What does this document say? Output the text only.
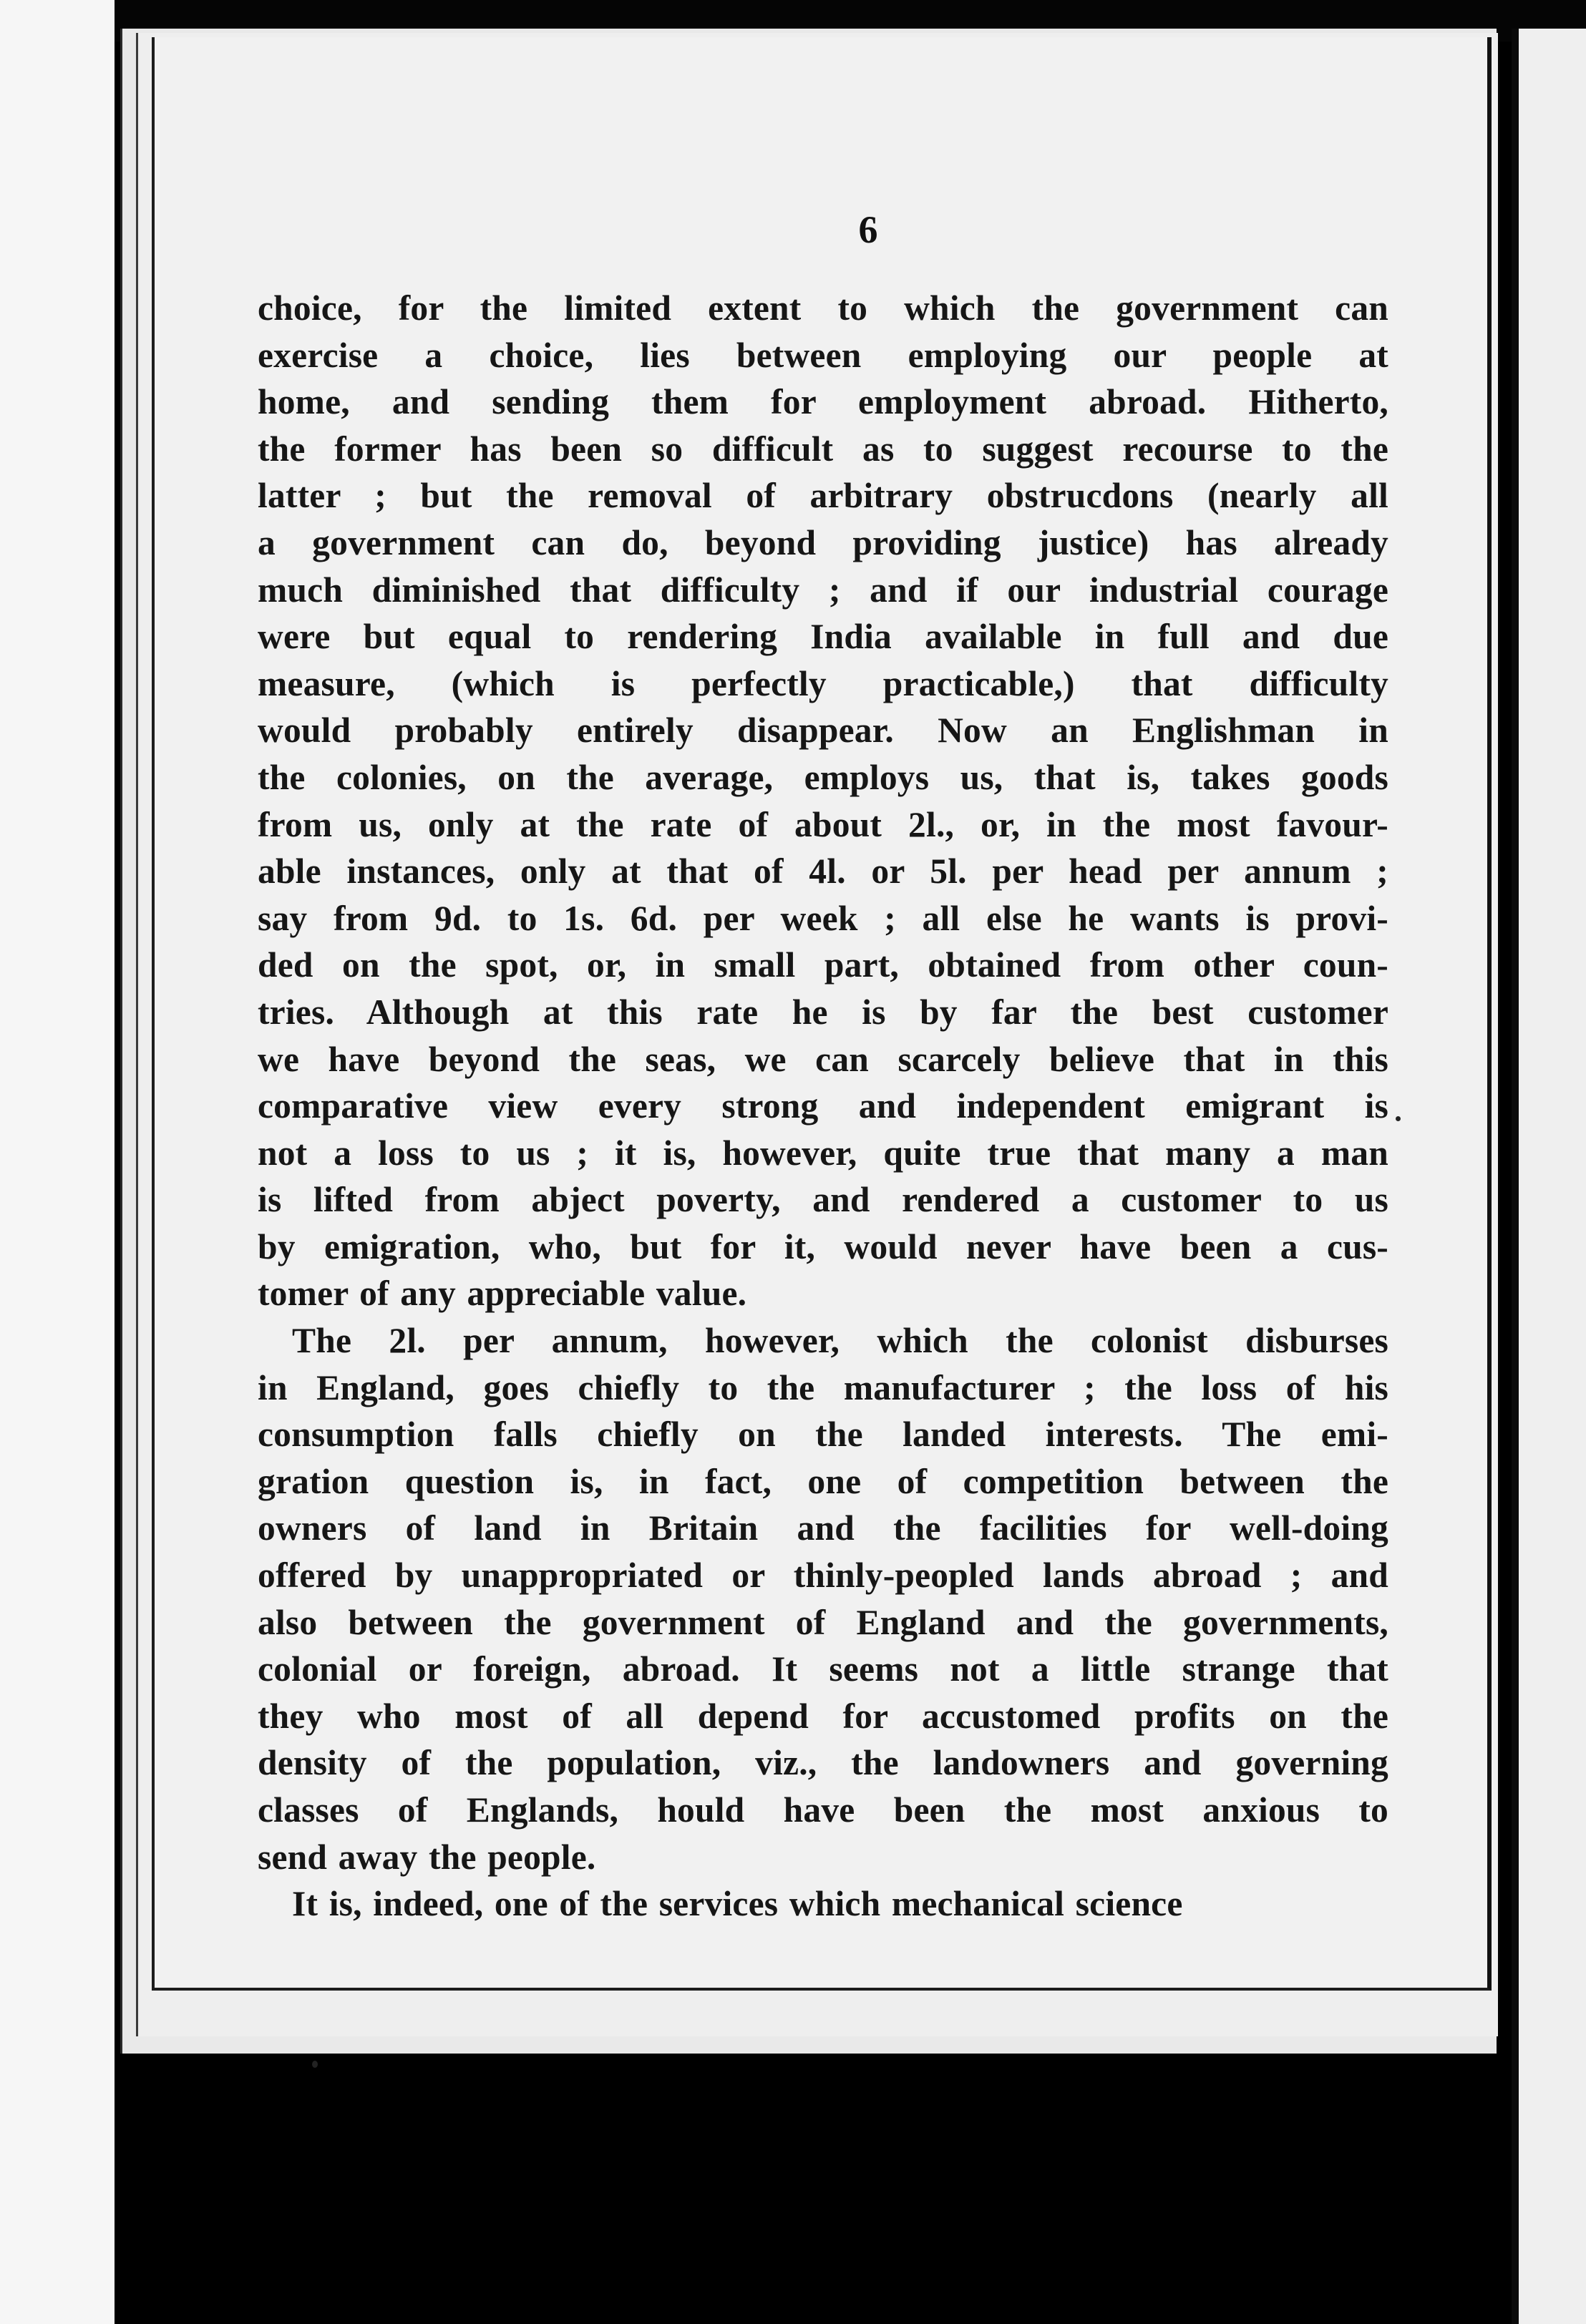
6

choice, for the limited extent to which the government can
exercise a choice, lies between employing our people at
home, and sending them for employment abroad. Hitherto,
the former has been so difficult as to suggest recourse to the
latter ; but the removal of arbitrary obstrucdons (nearly all
a government can do, beyond providing justice) has already
much diminished that difficulty ; and if our industrial courage
were but equal to rendering India available in full and due
measure, (which is perfectly practicable,) that difficulty
would probably entirely disappear. Now an Englishman in
the colonies, on the average, employs us, that is, takes goods
from us, only at the rate of about 2l., or, in the most favour-
able instances, only at that of 4l. or 5l. per head per annum ;
say from 9d. to 1s. 6d. per week ; all else he wants is provi-
ded on the spot, or, in small part, obtained from other coun-
tries. Although at this rate he is by far the best customer
we have beyond the seas, we can scarcely believe that in this
comparative view every strong and independent emigrant is
not a loss to us ; it is, however, quite true that many a man
is lifted from abject poverty, and rendered a customer to us
by emigration, who, but for it, would never have been a cus-
tomer of any appreciable value.

The 2l. per annum, however, which the colonist disburses
in England, goes chiefly to the manufacturer ; the loss of his
consumption falls chiefly on the landed interests. The emi-
gration question is, in fact, one of competition between the
owners of land in Britain and the facilities for well-doing
offered by unappropriated or thinly-peopled lands abroad ; and
also between the government of England and the governments,
colonial or foreign, abroad. It seems not a little strange that
they who most of all depend for accustomed profits on the
density of the population, viz., the landowners and governing
classes of Englands, hould have been the most anxious to
send away the people.

It is, indeed, one of the services which mechanical science
